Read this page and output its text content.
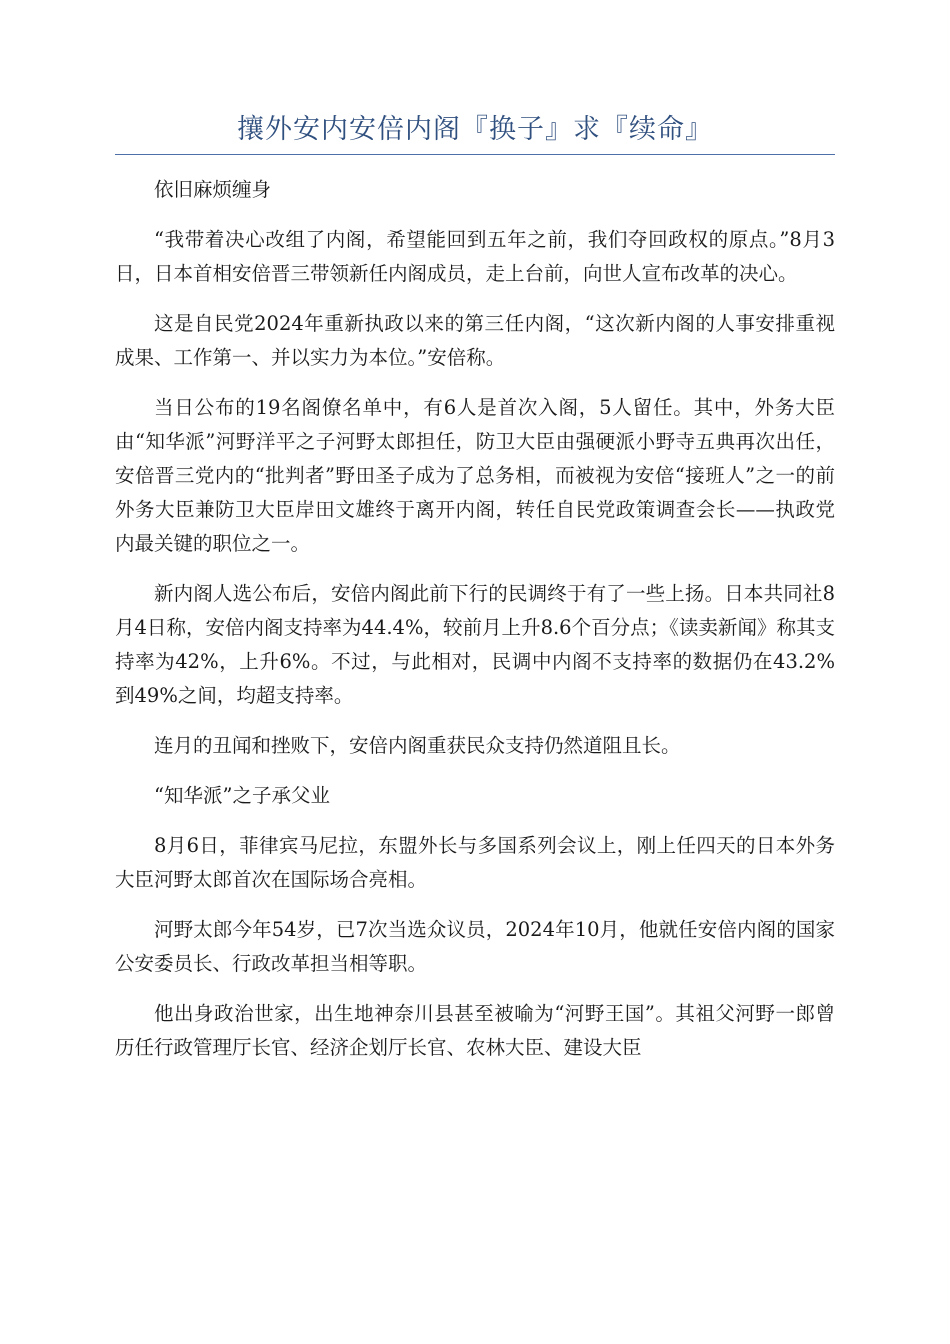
攘外安内安倍内阁『换子』求『续命』

依旧麻烦缠身

“我带着决心改组了内阁，希望能回到五年之前，我们夺回政权的原点。”8月3日，日本首相安倍晋三带领新任内阁成员，走上台前，向世人宣布改革的决心。

这是自民党2024年重新执政以来的第三任内阁，“这次新内阁的人事安排重视成果、工作第一、并以实力为本位。”安倍称。

当日公布的19名阁僚名单中，有6人是首次入阁，5人留任。其中，外务大臣由“知华派”河野洋平之子河野太郎担任，防卫大臣由强硬派小野寺五典再次出任，安倍晋三党内的“批判者”野田圣子成为了总务相，而被视为安倍“接班人”之一的前外务大臣兼防卫大臣岸田文雄终于离开内阁，转任自民党政策调查会长——执政党内最关键的职位之一。

新内阁人选公布后，安倍内阁此前下行的民调终于有了一些上扬。日本共同社8月4日称，安倍内阁支持率为44.4%，较前月上升8.6个百分点；《读卖新闻》称其支持率为42%，上升6%。不过，与此相对，民调中内阁不支持率的数据仍在43.2%到49%之间，均超支持率。

连月的丑闻和挫败下，安倍内阁重获民众支持仍然道阻且长。

“知华派”之子承父业

8月6日，菲律宾马尼拉，东盟外长与多国系列会议上，刚上任四天的日本外务大臣河野太郎首次在国际场合亮相。

河野太郎今年54岁，已7次当选众议员，2024年10月，他就任安倍内阁的国家公安委员长、行政改革担当相等职。

他出身政治世家，出生地神奈川县甚至被喻为“河野王国”。其祖父河野一郎曾历任行政管理厅长官、经济企划厅长官、农林大臣、建设大臣
